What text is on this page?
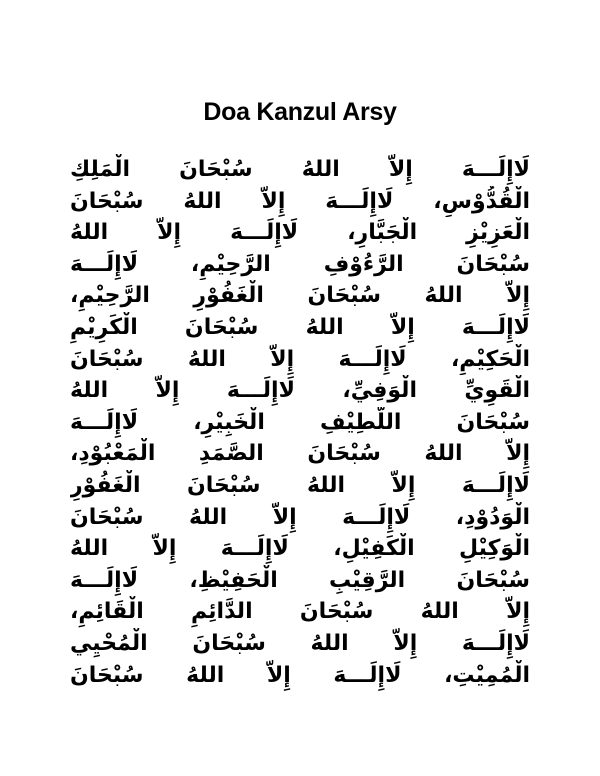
Doa Kanzul Arsy
لَاإِلَـــهَ إِلاَّ اللهُ سُبْحَانَ الْمَلِكِ
الْقُدُّوْسِ، لَاإِلَـــهَ إِلاَّ اللهُ سُبْحَانَ
الْعَزِيْزِ الْجَبَّارِ، لَاإِلَـــهَ إِلاَّ اللهُ
سُبْحَانَ الرَّءُوْفِ الرَّحِيْمِ، لَاإِلَـــهَ
إِلاَّ اللهُ سُبْحَانَ الْغَفُوْرِ الرَّحِيْمِ،
لَاإِلَـــهَ إِلاَّ اللهُ سُبْحَانَ الْكَرِيْمِ
الْحَكِيْمِ، لَاإِلَـــهَ إِلاَّ اللهُ سُبْحَانَ
الْقَوِيِّ الْوَفِيِّ، لَاإِلَـــهَ إِلاَّ اللهُ
سُبْحَانَ اللَّطِيْفِ الْخَبِيْرِ، لَاإِلَـــهَ
إِلاَّ اللهُ سُبْحَانَ الصَّمَدِ الْمَعْبُوْدِ،
لَاإِلَـــهَ إِلاَّ اللهُ سُبْحَانَ الْغَفُوْرِ
الْوَدُوْدِ، لَاإِلَـــهَ إِلاَّ اللهُ سُبْحَانَ
الْوَكِيْلِ الْكَفِيْلِ، لَاإِلَـــهَ إِلاَّ اللهُ
سُبْحَانَ الرَّقِيْبِ الْحَفِيْظِ، لَاإِلَـــهَ
إِلاَّ اللهُ سُبْحَانَ الدَّائِمِ الْقَائِمِ،
لَاإِلَـــهَ إِلاَّ اللهُ سُبْحَانَ الْمُحْيِي
الْمُمِيْتِ، لَاإِلَـــهَ إِلاَّ اللهُ سُبْحَانَ
